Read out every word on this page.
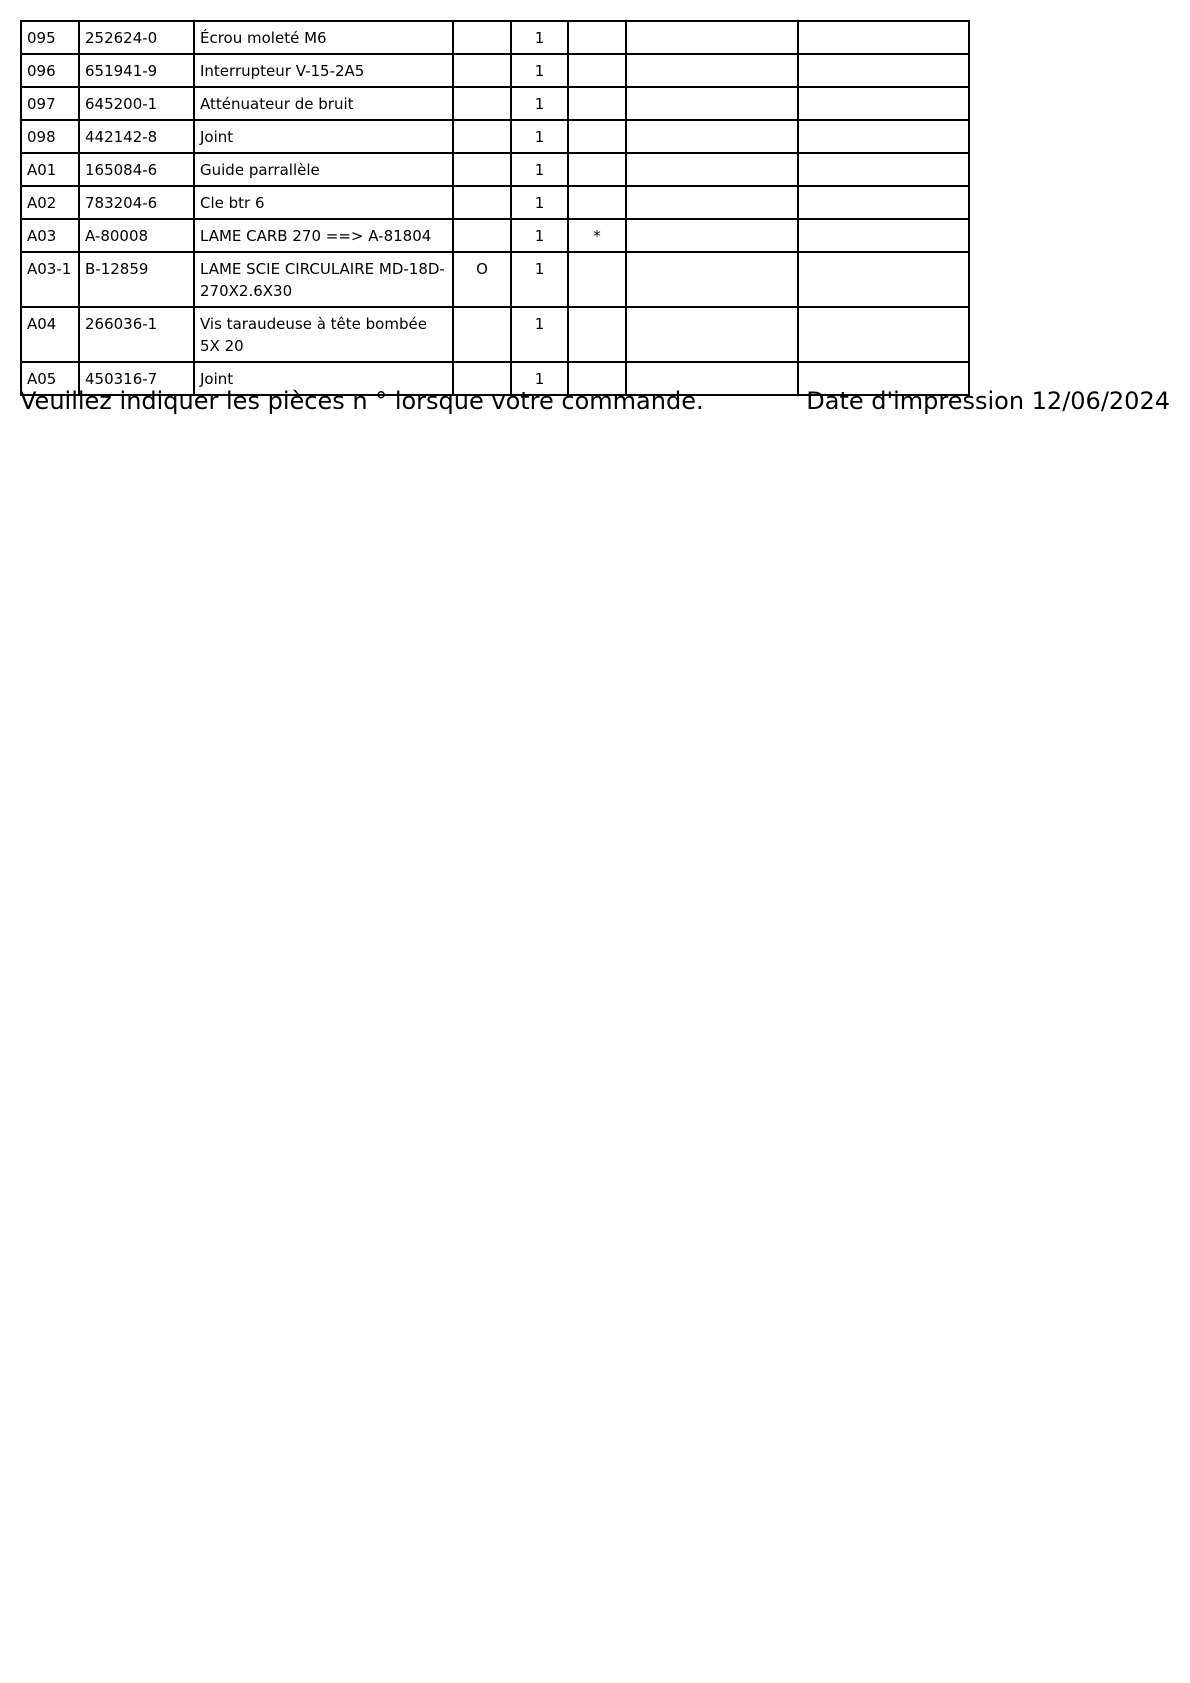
095	252624-0	Écrou moleté M6		1			
096	651941-9	Interrupteur V-15-2A5		1			
097	645200-1	Atténuateur de bruit		1			
098	442142-8	Joint		1			
A01	165084-6	Guide parrallèle		1			
A02	783204-6	Cle btr 6		1			
A03	A-80008	LAME CARB 270 ==> A-81804		1	*		
A03-1	B-12859	LAME SCIE CIRCULAIRE MD-18D-270X2.6X30	O	1			
A04	266036-1	Vis taraudeuse à tête bombée 5X 20		1			
A05	450316-7	Joint		1			
Veuillez indiquer les pièces n ° lorsque votre commande.	Date d'impression 12/06/2024
